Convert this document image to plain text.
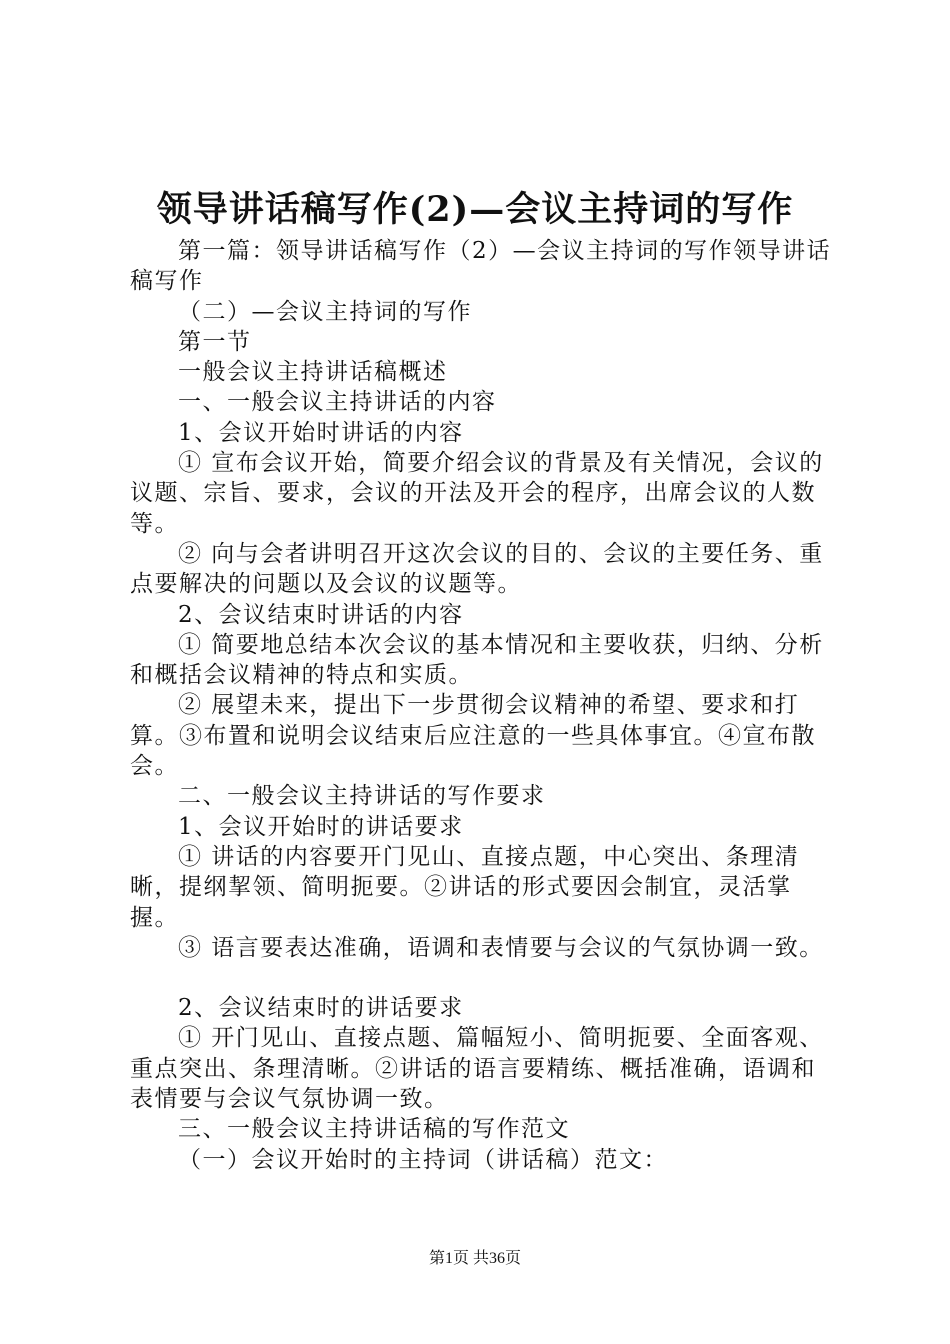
领导讲话稿写作(2)—会议主持词的写作

第一篇：领导讲话稿写作（2）—会议主持词的写作领导讲话稿写作

（二）—会议主持词的写作

第一节

一般会议主持讲话稿概述

一、一般会议主持讲话的内容

1、会议开始时讲话的内容

① 宣布会议开始，简要介绍会议的背景及有关情况，会议的议题、宗旨、要求，会议的开法及开会的程序，出席会议的人数等。

② 向与会者讲明召开这次会议的目的、会议的主要任务、重点要解决的问题以及会议的议题等。

2、会议结束时讲话的内容

① 简要地总结本次会议的基本情况和主要收获，归纳、分析和概括会议精神的特点和实质。

② 展望未来，提出下一步贯彻会议精神的希望、要求和打算。③布置和说明会议结束后应注意的一些具体事宜。④宣布散会。

二、一般会议主持讲话的写作要求

1、会议开始时的讲话要求

① 讲话的内容要开门见山、直接点题，中心突出、条理清晰，提纲挈领、简明扼要。②讲话的形式要因会制宜，灵活掌握。

③ 语言要表达准确，语调和表情要与会议的气氛协调一致。

2、会议结束时的讲话要求

① 开门见山、直接点题、篇幅短小、简明扼要、全面客观、重点突出、条理清晰。②讲话的语言要精练、概括准确，语调和表情要与会议气氛协调一致。

三、一般会议主持讲话稿的写作范文

（一）会议开始时的主持词（讲话稿）范文：

第1页 共36页
